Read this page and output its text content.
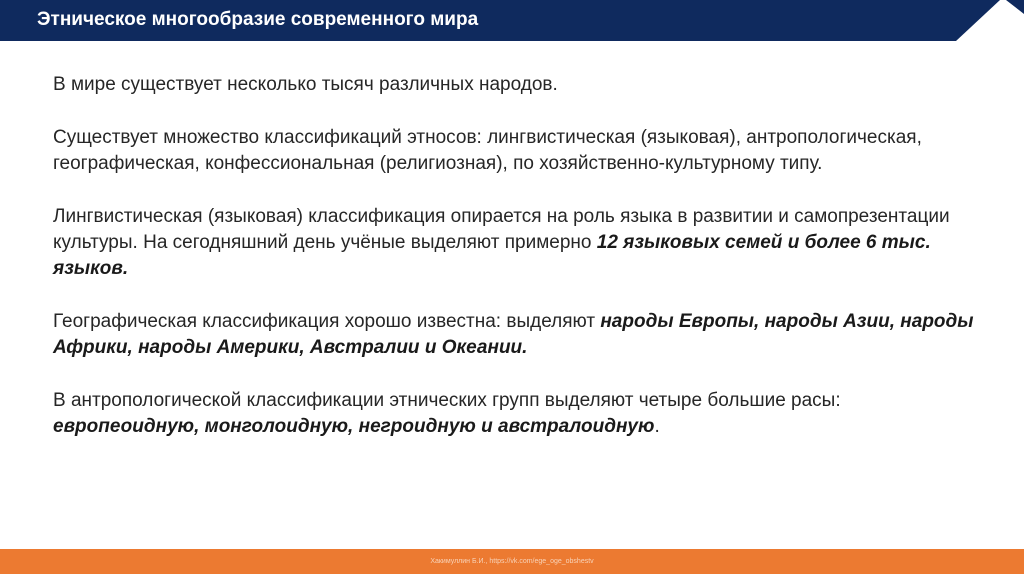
Этническое многообразие современного мира

В мире существует несколько тысяч различных народов.

Существует множество классификаций этносов: лингвистическая (языковая), антропологическая, географическая, конфессиональная (религиозная), по хозяйственно-культурному типу.

Лингвистическая (языковая) классификация опирается на роль языка в развитии и самопрезентации культуры. На сегодняшний день учёные выделяют примерно 12 языковых семей и более 6 тыс. языков.

Географическая классификация хорошо известна: выделяют народы Европы, народы Азии, народы Африки, народы Америки, Австралии и Океании.

В антропологической классификации этнических групп выделяют четыре большие расы: европеоидную, монголоидную, негроидную и австралоидную.

Хакимуллин Б.И., https://vk.com/ege_oge_obshestv
